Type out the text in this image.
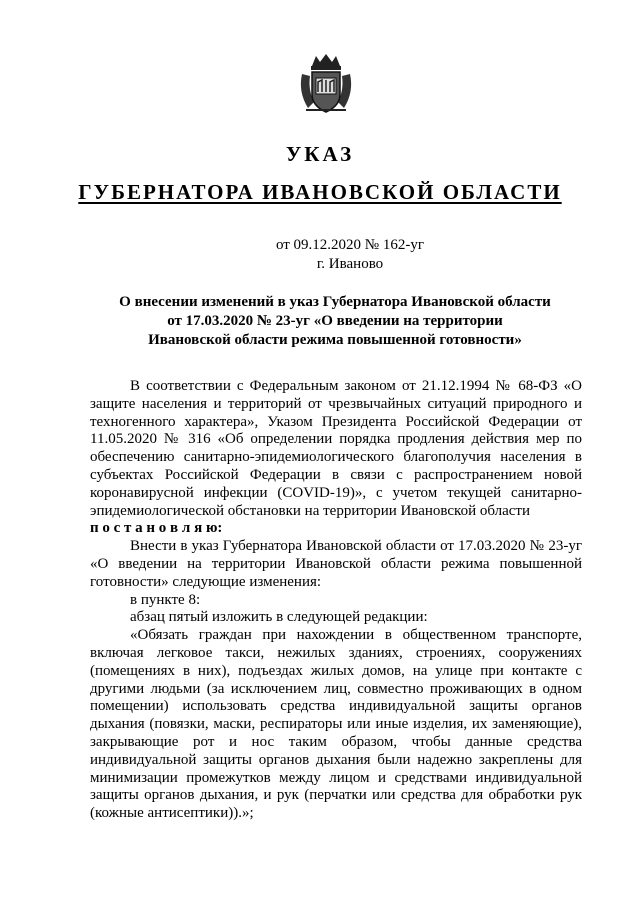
УКАЗ
ГУБЕРНАТОРА ИВАНОВСКОЙ ОБЛАСТИ
от 09.12.2020 № 162-уг
г. Иваново
О внесении изменений в указ Губернатора Ивановской области
от 17.03.2020 № 23-уг «О введении на территории
Ивановской области режима повышенной готовности»

В соответствии с Федеральным законом от 21.12.1994 № 68-ФЗ «О защите населения и территорий от чрезвычайных ситуаций природного и техногенного характера», Указом Президента Российской Федерации от 11.05.2020 № 316 «Об определении порядка продления действия мер по обеспечению санитарно-эпидемиологического благополучия населения в субъектах Российской Федерации в связи с распространением новой коронавирусной инфекции (COVID-19)», с учетом текущей санитарно-эпидемиологической обстановки на территории Ивановской области
п о с т а н о в л я ю:

Внести в указ Губернатора Ивановской области от 17.03.2020 № 23-уг «О введении на территории Ивановской области режима повышенной готовности» следующие изменения:

в пункте 8:

абзац пятый изложить в следующей редакции:

«Обязать граждан при нахождении в общественном транспорте, включая легковое такси, нежилых зданиях, строениях, сооружениях (помещениях в них), подъездах жилых домов, на улице при контакте с другими людьми (за исключением лиц, совместно проживающих в одном помещении) использовать средства индивидуальной защиты органов дыхания (повязки, маски, респираторы или иные изделия, их заменяющие), закрывающие рот и нос таким образом, чтобы данные средства индивидуальной защиты органов дыхания были надежно закреплены для минимизации промежутков между лицом и средствами индивидуальной защиты органов дыхания, и рук (перчатки или средства для обработки рук (кожные антисептики)).»;
